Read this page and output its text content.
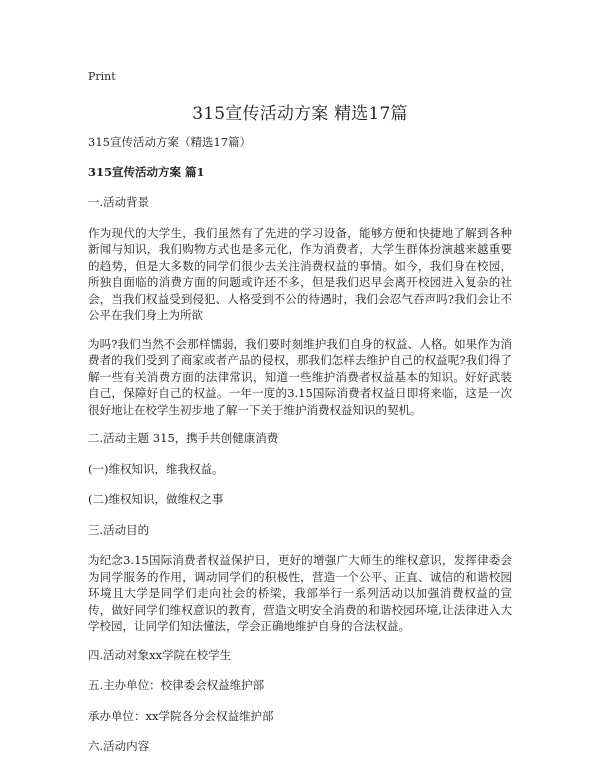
Print
315宣传活动方案 精选17篇
315宣传活动方案（精选17篇）
315宣传活动方案 篇1

一.活动背景

作为现代的大学生，我们虽然有了先进的学习设备，能够方便和快捷地了解到各种新闻与知识，我们购物方式也是多元化，作为消费者，大学生群体扮演越来越重要的趋势，但是大多数的同学们很少去关注消费权益的事情。如今，我们身在校园，所独自面临的消费方面的问题或许还不多，但是我们迟早会离开校园进入复杂的社会，当我们权益受到侵犯、人格受到不公的待遇时，我们会忍气吞声吗?我们会让不公平在我们身上为所欲

为吗?我们当然不会那样懦弱，我们要时刻维护我们自身的权益、人格。如果作为消费者的我们受到了商家或者产品的侵权，那我们怎样去维护自己的权益呢?我们得了解一些有关消费方面的法律常识，知道一些维护消费者权益基本的知识。好好武装自己，保障好自己的权益。一年一度的3.15国际消费者权益日即将来临，这是一次很好地让在校学生初步地了解一下关于维护消费权益知识的契机。

二.活动主题 315，携手共创健康消费

(一)维权知识，维我权益。

(二)维权知识，做维权之事

三.活动目的

为纪念3.15国际消费者权益保护日，更好的增强广大师生的维权意识，发挥律委会为同学服务的作用，调动同学们的积极性，营造一个公平、正直、诚信的和谐校园环境且大学是同学们走向社会的桥梁，我部举行一系列活动以加强消费权益的宣传，做好同学们维权意识的教育，营造文明安全消费的和谐校园环境,让法律进入大学校园，让同学们知法懂法，学会正确地维护自身的合法权益。

四.活动对象xx学院在校学生

五.主办单位：校律委会权益维护部

承办单位：xx学院各分会权益维护部

六.活动内容
